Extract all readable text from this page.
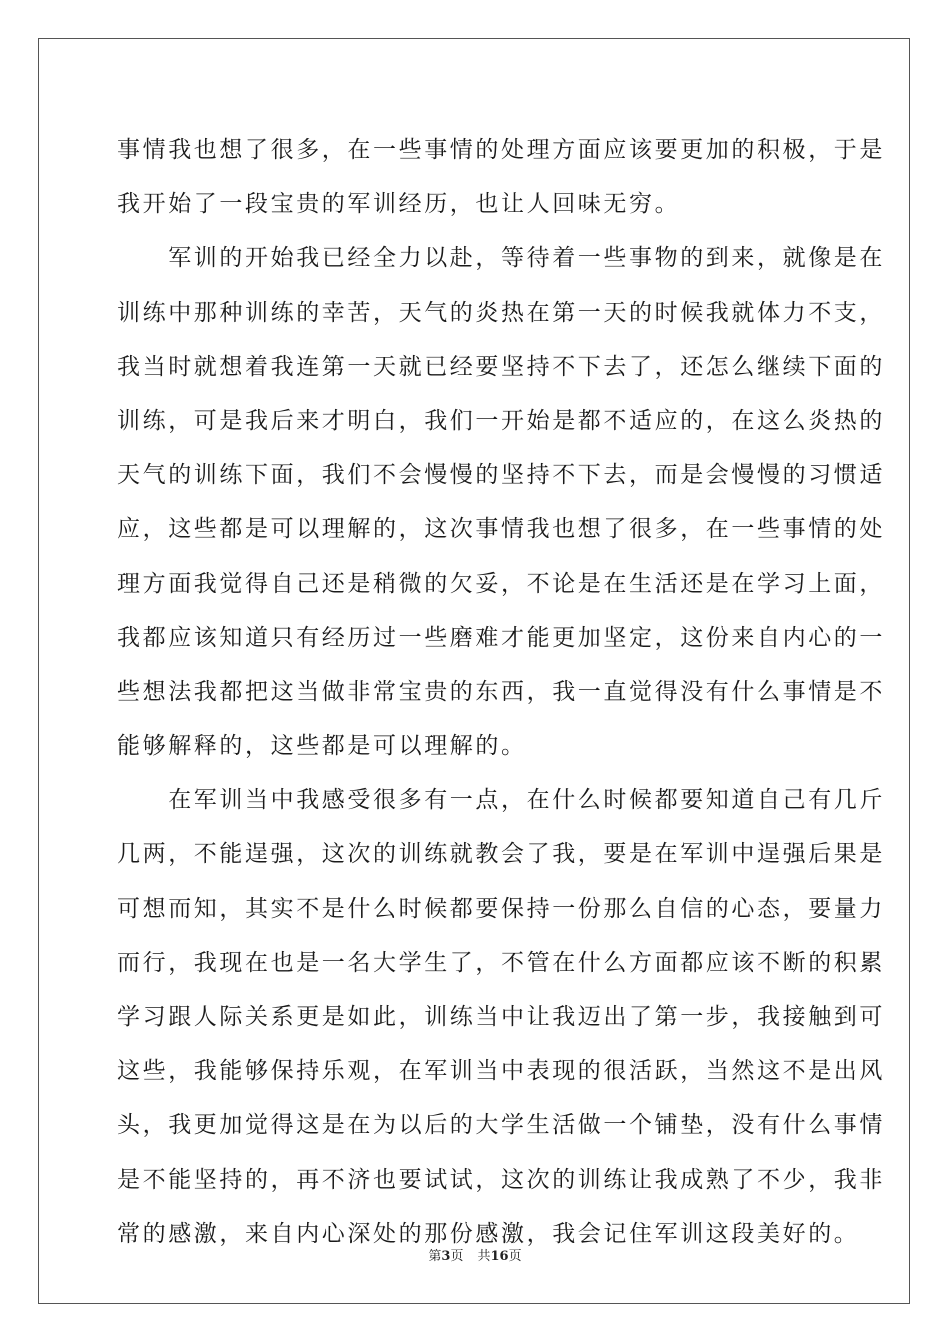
事情我也想了很多，在一些事情的处理方面应该要更加的积极，于是
我开始了一段宝贵的军训经历，也让人回味无穷。
　　军训的开始我已经全力以赴，等待着一些事物的到来，就像是在
训练中那种训练的幸苦，天气的炎热在第一天的时候我就体力不支，
我当时就想着我连第一天就已经要坚持不下去了，还怎么继续下面的
训练，可是我后来才明白，我们一开始是都不适应的，在这么炎热的
天气的训练下面，我们不会慢慢的坚持不下去，而是会慢慢的习惯适
应，这些都是可以理解的，这次事情我也想了很多，在一些事情的处
理方面我觉得自己还是稍微的欠妥，不论是在生活还是在学习上面，
我都应该知道只有经历过一些磨难才能更加坚定，这份来自内心的一
些想法我都把这当做非常宝贵的东西，我一直觉得没有什么事情是不
能够解释的，这些都是可以理解的。
　　在军训当中我感受很多有一点，在什么时候都要知道自己有几斤
几两，不能逞强，这次的训练就教会了我，要是在军训中逞强后果是
可想而知，其实不是什么时候都要保持一份那么自信的心态，要量力
而行，我现在也是一名大学生了，不管在什么方面都应该不断的积累
学习跟人际关系更是如此，训练当中让我迈出了第一步，我接触到可
这些，我能够保持乐观，在军训当中表现的很活跃，当然这不是出风
头，我更加觉得这是在为以后的大学生活做一个铺垫，没有什么事情
是不能坚持的，再不济也要试试，这次的训练让我成熟了不少，我非
常的感激，来自内心深处的那份感激，我会记住军训这段美好的。
第3页 共16页
